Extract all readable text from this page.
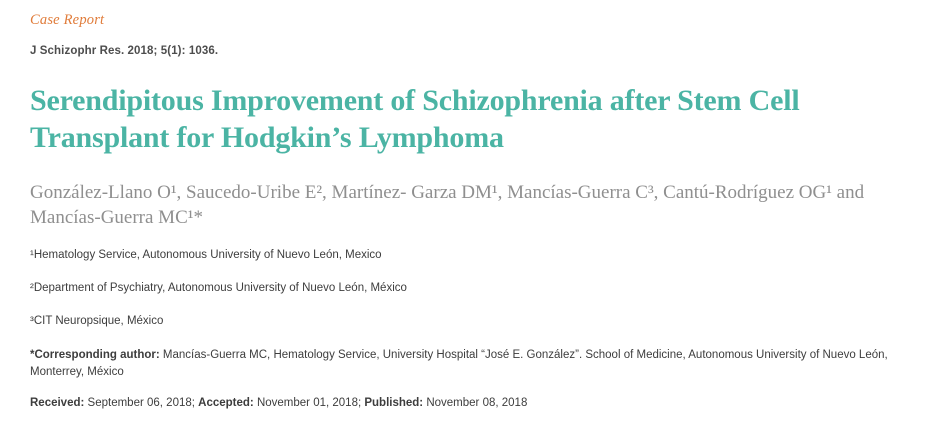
Case Report
J Schizophr Res. 2018; 5(1): 1036.
Serendipitous Improvement of Schizophrenia after Stem Cell Transplant for Hodgkin’s Lymphoma
González-Llano O¹, Saucedo-Uribe E², Martínez- Garza DM¹, Mancías-Guerra C³, Cantú-Rodríguez OG¹ and Mancías-Guerra MC¹*
¹Hematology Service, Autonomous University of Nuevo León, Mexico
²Department of Psychiatry, Autonomous University of Nuevo León, México
³CIT Neuropsique, México
*Corresponding author: Mancías-Guerra MC, Hematology Service, University Hospital “José E. González”. School of Medicine, Autonomous University of Nuevo León, Monterrey, México
Received: September 06, 2018; Accepted: November 01, 2018; Published: November 08, 2018
